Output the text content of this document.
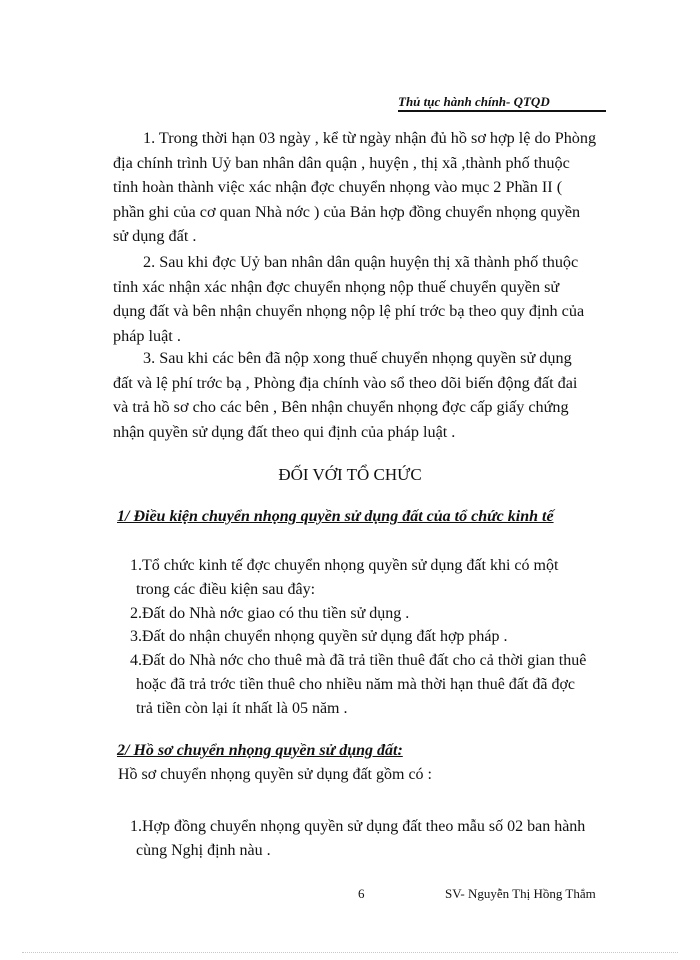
Thủ tục hành chính- QTQD
1. Trong thời hạn 03 ngày , kể từ ngày nhận đủ hồ sơ hợp lệ do Phòng
địa chính trình Uỷ ban nhân dân quận , huyện , thị xã ,thành phố thuộc
tỉnh hoàn thành việc xác nhận đợc chuyển nhọng vào mục 2 Phần II (
phần ghi của cơ quan Nhà nớc ) của Bản hợp đồng chuyển nhọng quyền
sử dụng đất .
2. Sau khi đợc Uỷ ban nhân dân quận huyện thị xã thành phố thuộc
tỉnh xác nhận xác nhận đợc chuyển nhọng nộp thuế chuyển quyền sử
dụng đất và bên nhận chuyển nhọng nộp lệ phí trớc bạ theo quy định của
pháp luật .
3. Sau khi các bên đã nộp xong thuế chuyển nhọng quyền sử dụng
đất và lệ phí trớc bạ , Phòng địa chính vào sổ theo dõi biến động đất đai
và trả hồ sơ cho các bên , Bên nhận chuyển nhọng đợc cấp giấy chứng
nhận quyền sử dụng đất theo qui định của pháp luật .
ĐỐI VỚI TỔ CHỨC
1/ Điều kiện chuyển nhọng quyền sử dụng đất của tổ chức kinh tế
1.Tổ chức kinh tế đợc chuyển nhọng quyền sử dụng đất khi có một
trong các điều kiện sau đây:
2.Đất do Nhà nớc giao có thu tiền sử dụng .
3.Đất do nhận chuyển nhọng quyền sử dụng đất hợp pháp .
4.Đất do Nhà nớc cho thuê mà đã trả tiền thuê đất cho cả thời gian thuê
hoặc đã trả trớc tiền thuê cho nhiều năm mà thời hạn thuê đất đã đợc
trả tiền còn lại ít nhất là 05 năm .
2/ Hồ sơ chuyển nhọng quyền sử dụng đất:
Hồ sơ chuyển nhọng quyền sử dụng đất gồm có :
1.Hợp đồng chuyển nhọng quyền sử dụng đất theo mẫu số 02 ban hành
cùng Nghị định nàu .
6	SV- Nguyễn Thị Hồng Thắm
